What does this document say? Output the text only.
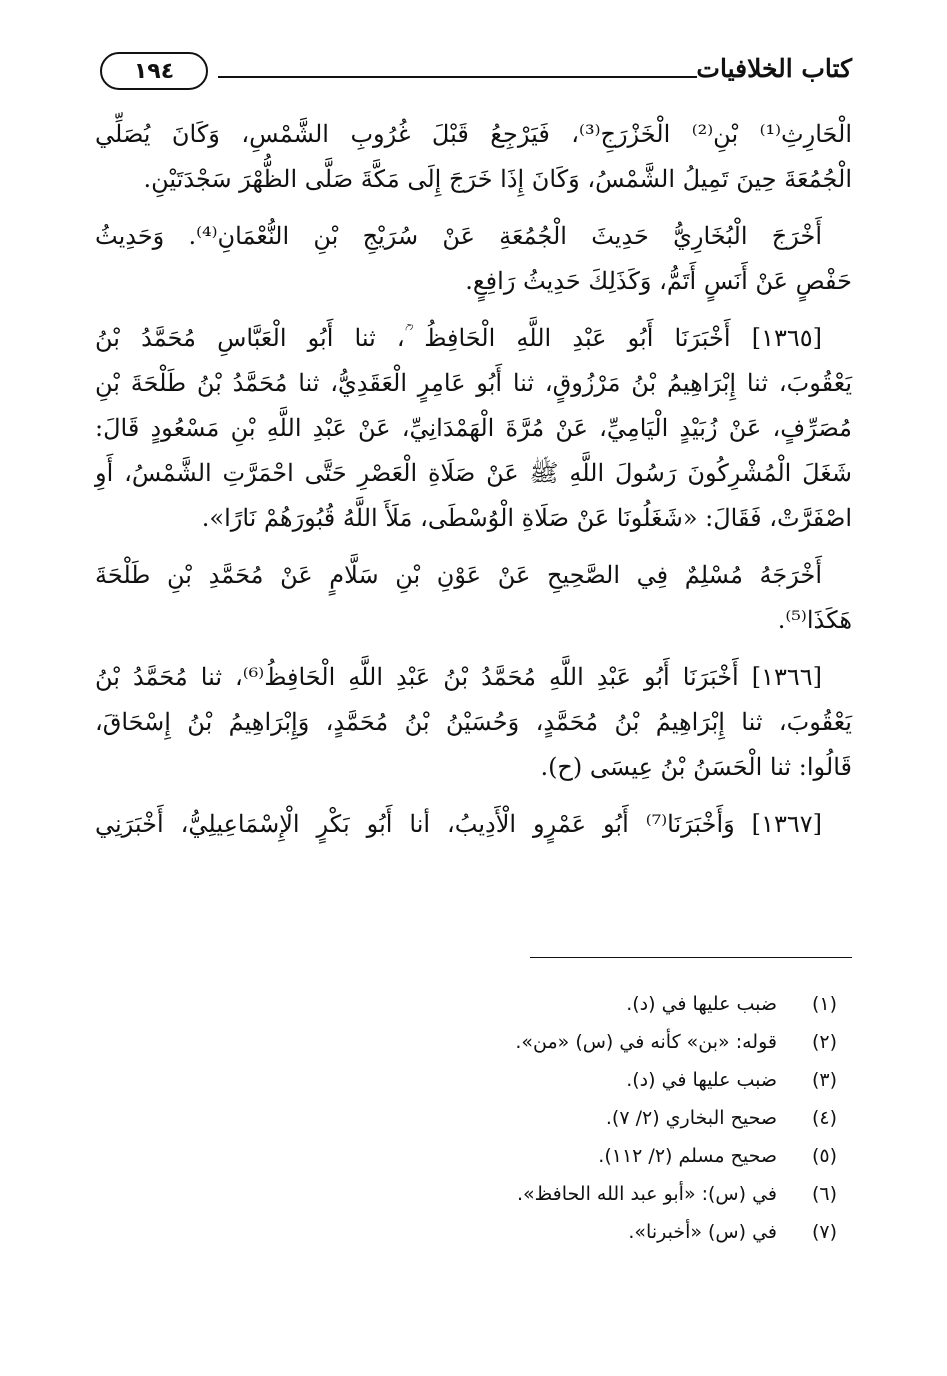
كتاب الخلافيات
١٩٤
الْحَارِثِ⁽¹⁾ بْنِ⁽²⁾ الْخَزْرَجِ⁽³⁾، فَيَرْجِعُ قَبْلَ غُرُوبِ الشَّمْسِ، وَكَانَ يُصَلِّي
الْجُمُعَةَ حِينَ تَمِيلُ الشَّمْسُ، وَكَانَ إِذَا خَرَجَ إِلَى مَكَّةَ صَلَّى الظُّهْرَ سَجْدَتَيْنِ.
أَخْرَجَ الْبُخَارِيُّ حَدِيثَ الْجُمُعَةِ عَنْ سُرَيْجِ بْنِ النُّعْمَانِ⁽⁴⁾. وَحَدِيثُ
حَفْصٍ عَنْ أَنَسٍ أَتَمُّ، وَكَذَلِكَ حَدِيثُ رَافِعٍ.
[١٣٦٥] أَخْبَرَنَا أَبُو عَبْدِ اللَّهِ الْحَافِظُ ؒ، ثنا أَبُو الْعَبَّاسِ مُحَمَّدُ بْنُ
يَعْقُوبَ، ثنا إِبْرَاهِيمُ بْنُ مَرْزُوقٍ، ثنا أَبُو عَامِرٍ الْعَقَدِيُّ، ثنا مُحَمَّدُ بْنُ طَلْحَةَ بْنِ
مُصَرِّفٍ، عَنْ زُبَيْدٍ الْيَامِيِّ، عَنْ مُرَّةَ الْهَمْدَانِيِّ، عَنْ عَبْدِ اللَّهِ بْنِ مَسْعُودٍ قَالَ:
شَغَلَ الْمُشْرِكُونَ رَسُولَ اللَّهِ ﷺ عَنْ صَلَاةِ الْعَصْرِ حَتَّى احْمَرَّتِ الشَّمْسُ، أَوِ
اصْفَرَّتْ، فَقَالَ: «شَغَلُونَا عَنْ صَلَاةِ الْوُسْطَى، مَلَأَ اللَّهُ قُبُورَهُمْ نَارًا».
أَخْرَجَهُ مُسْلِمٌ فِي الصَّحِيحِ عَنْ عَوْنِ بْنِ سَلَّامٍ عَنْ مُحَمَّدِ بْنِ طَلْحَةَ
هَكَذَا⁽⁵⁾.
[١٣٦٦] أَخْبَرَنَا أَبُو عَبْدِ اللَّهِ مُحَمَّدُ بْنُ عَبْدِ اللَّهِ الْحَافِظُ⁽⁶⁾، ثنا مُحَمَّدُ بْنُ
يَعْقُوبَ، ثنا إِبْرَاهِيمُ بْنُ مُحَمَّدٍ، وَحُسَيْنُ بْنُ مُحَمَّدٍ، وَإِبْرَاهِيمُ بْنُ إِسْحَاقَ،
قَالُوا: ثنا الْحَسَنُ بْنُ عِيسَى (ح).
[١٣٦٧] وَأَخْبَرَنَا⁽⁷⁾ أَبُو عَمْرٍو الْأَدِيبُ، أنا أَبُو بَكْرٍ الْإِسْمَاعِيلِيُّ، أَخْبَرَنِي
(١)
ضبب عليها في (د).
(٢)
قوله: «بن» كأنه في (س) «من».
(٣)
ضبب عليها في (د).
(٤)
صحيح البخاري (٢/ ٧).
(٥)
صحيح مسلم (٢/ ١١٢).
(٦)
في (س): «أبو عبد الله الحافظ».
(٧)
في (س) «أخبرنا».
